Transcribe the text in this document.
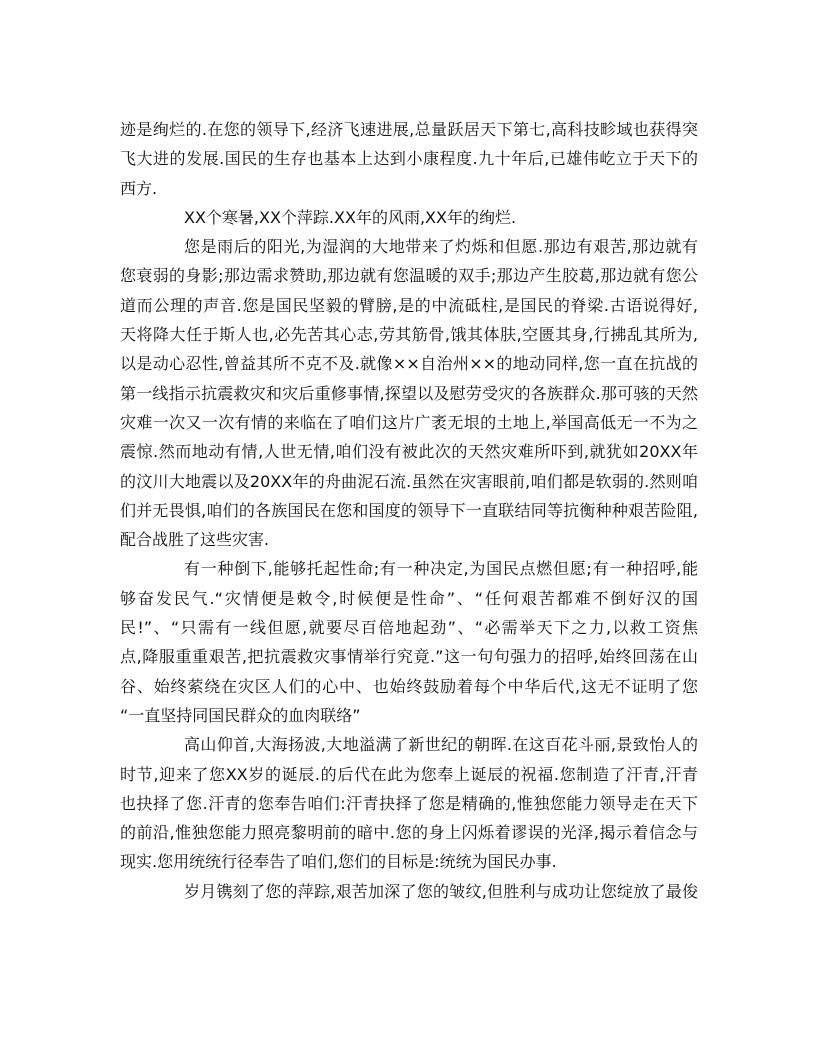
迹是绚烂的.在您的领导下,经济飞速进展,总量跃居天下第七,高科技畛域也获得突
飞大进的发展.国民的生存也基本上达到小康程度.九十年后,已雄伟屹立于天下的
西方.
XX个寒暑,XX个萍踪.XX年的风雨,XX年的绚烂.
您是雨后的阳光,为湿润的大地带来了灼烁和但愿.那边有艰苦,那边就有
您衰弱的身影;那边需求赞助,那边就有您温暖的双手;那边产生胶葛,那边就有您公
道而公理的声音.您是国民坚毅的臂膀,是的中流砥柱,是国民的脊梁.古语说得好,
天将降大任于斯人也,必先苦其心志,劳其筋骨,饿其体肤,空匮其身,行拂乱其所为,
以是动心忍性,曾益其所不克不及.就像××自治州××的地动同样,您一直在抗战的
第一线指示抗震救灾和灾后重修事情,探望以及慰劳受灾的各族群众.那可骇的天然
灾难一次又一次有情的来临在了咱们这片广袤无垠的土地上,举国高低无一不为之
震惊.然而地动有情,人世无情,咱们没有被此次的天然灾难所吓到,就犹如20XX年
的汶川大地震以及20XX年的舟曲泥石流.虽然在灾害眼前,咱们都是软弱的.然则咱
们并无畏惧,咱们的各族国民在您和国度的领导下一直联结同等抗衡种种艰苦险阻,
配合战胜了这些灾害.
有一种倒下,能够托起性命;有一种决定,为国民点燃但愿;有一种招呼,能
够奋发民气.“灾情便是敕令,时候便是性命”、“任何艰苦都难不倒好汉的国
民!”、“只需有一线但愿,就要尽百倍地起劲”、“必需举天下之力,以救工资焦
点,降服重重艰苦,把抗震救灾事情举行究竟.”这一句句强力的招呼,始终回荡在山
谷、始终萦绕在灾区人们的心中、也始终鼓励着每个中华后代,这无不证明了您
“一直坚持同国民群众的血肉联络”
高山仰首,大海扬波,大地溢满了新世纪的朝晖.在这百花斗丽,景致怡人的
时节,迎来了您XX岁的诞辰.的后代在此为您奉上诞辰的祝福.您制造了汗青,汗青
也抉择了您.汗青的您奉告咱们:汗青抉择了您是精确的,惟独您能力领导走在天下
的前沿,惟独您能力照亮黎明前的暗中.您的身上闪烁着谬误的光泽,揭示着信念与
现实.您用统统行径奉告了咱们,您们的目标是:统统为国民办事.
岁月镌刻了您的萍踪,艰苦加深了您的皱纹,但胜利与成功让您绽放了最俊
